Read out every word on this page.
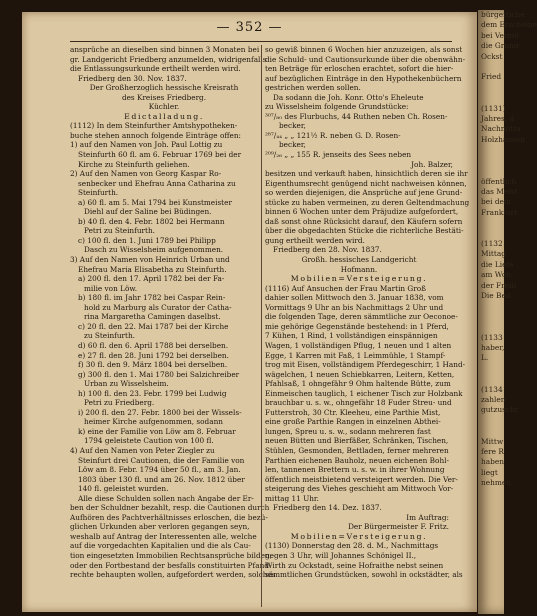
— 352 —
ansprüche an dieselben sind binnen 3 Monaten bei
gr. Landgericht Friedberg anzumelden, widrigenfalls
die Entlassungsurkunde ertheilt werden wird.
Friedberg den 30. Nov. 1837.
Der Großherzoglich hessische Kreisrath
des Kreises Friedberg.
Küchler.
Edictalladung.
(1112) In dem Steinfurther Amtshypotheken-
buche stehen annoch folgende Einträge offen:
1) auf den Namen von Joh. Paul Lottig zu
Steinfurth 60 fl. am 6. Februar 1769 bei der
Kirche zu Steinfurth geliehen.
2) Auf den Namen von Georg Kaspar Ro-
senbecker und Ehefrau Anna Catharina zu
Steinfurth.
a) 60 fl. am 5. Mai 1794 bei Kunstmeister
Diehl auf der Saline bei Büdingen.
b) 40 fl. den 4. Febr. 1802 bei Hermann
Petri zu Steinfurth.
c) 100 fl. den 1. Juni 1789 bei Philipp
Dasch zu Wisselsheim aufgenommen.
3) Auf den Namen von Heinrich Urban und
Ehefrau Maria Elisabetha zu Steinfurth.
a) 200 fl. den 17. April 1782 bei der Fa-
milie von Löw.
b) 180 fl. im Jahr 1782 bei Caspar Rein-
hold zu Marburg als Curator der Catha-
rina Margaretha Camingen daselbst.
c) 20 fl. den 22. Mai 1787 bei der Kirche
zu Steinfurth.
d) 60 fl. den 6. April 1788 bei derselben.
e) 27 fl. den 28. Juni 1792 bei derselben.
f) 30 fl. den 9. März 1804 bei derselben.
g) 300 fl. den 1. Mai 1780 bei Salzichreiber
Urban zu Wisselsheim.
h) 100 fl. den 23. Febr. 1799 bei Ludwig
Petri zu Friedberg.
i) 200 fl. den 27. Febr. 1800 bei der Wissels-
heimer Kirche aufgenommen, sodann
k) eine der Familie von Löw am 8. Februar
1794 geleistete Caution von 100 fl.
4) Auf den Namen von Peter Ziegler zu
Steinfurt drei Cautionen, die der Familie von
Löw am 8. Febr. 1794 über 50 fl., am 3. Jan.
1803 über 130 fl. und am 26. Nov. 1812 über
140 fl. geleistet wurden.
Alle diese Schulden sollen nach Angabe der Er-
ben der Schuldner bezahlt, resp. die Cautionen durch
Aufhören des Pachtverhältnisses erloschen, die bezü-
glichen Urkunden aber verloren gegangen seyn,
weshalb auf Antrag der Interessenten alle, welche
auf die vorgedachten Kapitalien und die als Cau-
tion eingesetzten Immobilien Rechtsansprüche bilden,
oder den Fortbestand der besfalls constituirten Pfand-
rechte behaupten wollen, aufgefordert werden, solches
so gewiß binnen 6 Wochen hier anzuzeigen, als sonst
die Schuld- und Cautionsurkunde über die obenwähn-
ten Beträge für erloschen erachtet, sofort die hier-
auf bezüglichen Einträge in den Hypothekenbüchern
gestrichen werden sollen.
Da sodann die Joh. Konr. Otto's Eheleute
zu Wisselsheim folgende Grundstücke:
³⁰⁷/₈₀ des Flurbuchs, 44 Ruthen neben Ch. Rosen-
becker,
²⁸⁷/₄₄ „ „ 121½ R. neben G. D. Rosen-
becker,
²⁰⁹/₂₆ „ „ 155 R. jenseits des Sees neben
Joh. Balzer,
besitzen und verkauft haben, hinsichtlich deren sie ihr
Eigenthumsrecht genügend nicht nachweisen können,
so werden diejenigen, die Ansprüche auf jene Grund-
stücke zu haben vermeinen, zu deren Geltendmachung
binnen 6 Wochen unter dem Präjudize aufgefordert,
daß sonst ohne Rücksicht darauf, den Käufern sofern
über die obgedachten Stücke die richterliche Bestäti-
gung ertheilt werden wird.
Friedberg den 28. Nov. 1837.
Großh. hessisches Landgericht
Hofmann.
Mobilien=Versteigerung.
(1116) Auf Ansuchen der Frau Martin Groß
dahier sollen Mittwoch den 3. Januar 1838, vom
Vormittags 9 Uhr an bis Nachmittags 2 Uhr und
die folgenden Tage, deren sämmtliche zur Oeconoe-
mie gehörige Gegenstände bestehend: in 1 Pferd,
7 Kühen, 1 Rind, 1 vollständigen einspännigen
Wagen, 1 vollständigen Pflug, 1 neuen und 1 alten
Egge, 1 Karren mit Faß, 1 Leimmühle, 1 Stampf-
trog mit Eisen, vollständigem Pferdegeschirr, 1 Hand-
wägelchen, 1 neuen Schiebkarren, Leitern, Ketten,
Pfahlsaß, 1 ohngefähr 9 Ohm haltende Bütte, zum
Einmeischen tauglich, 1 eichener Tisch zur Holzbank
brauchbar u. s. w., ohngefähr 18 Fuder Streu- und
Futterstroh, 30 Ctr. Kleeheu, eine Parthie Mist,
eine große Parthie Rangen in einzelnen Abthei-
lungen, Spreu u. s. w., sodann mehreren fast
neuen Bütten und Bierfäßer, Schränken, Tischen,
Stühlen, Gesmonden, Bettladen, ferner mehreren
Parthien eichenen Bauholz, neuen eichenen Bohl-
len, tannenen Brettern u. s. w. in ihrer Wohnung
öffentlich meistbietend versteigert werden. Die Ver-
steigerung des Viehes geschieht am Mittwoch Vor-
mittag 11 Uhr.
Friedberg den 14. Dez. 1837.
Im Auftrag:
Der Bürgermeister F. Fritz.
Mobilien=Versteigerung.
(1130) Donnerstag den 28. d. M., Nachmittags
gegen 3 Uhr, will Johannes Schönigel II.,
Wirth zu Ockstadt, seine Hofraithe nebst seinen
sämmtlichen Grundstücken, sowohl in ockstädter, als
bürgerliche
dem Erscheine
bei Vermö-
die Grund-
Ockst

Fried

(1131)
Jahres, d
Nachmitta
Holzhausen

öffentlich
das Meist
bei dem
Frankfurt

(1132
Mittag
die Liefe
am Woh
der Freib
Die Bed

(1133
haber,
L.

(1134
zahlen
gutzuschr

Mittw
fere R
haben,
liegt
nehmen
